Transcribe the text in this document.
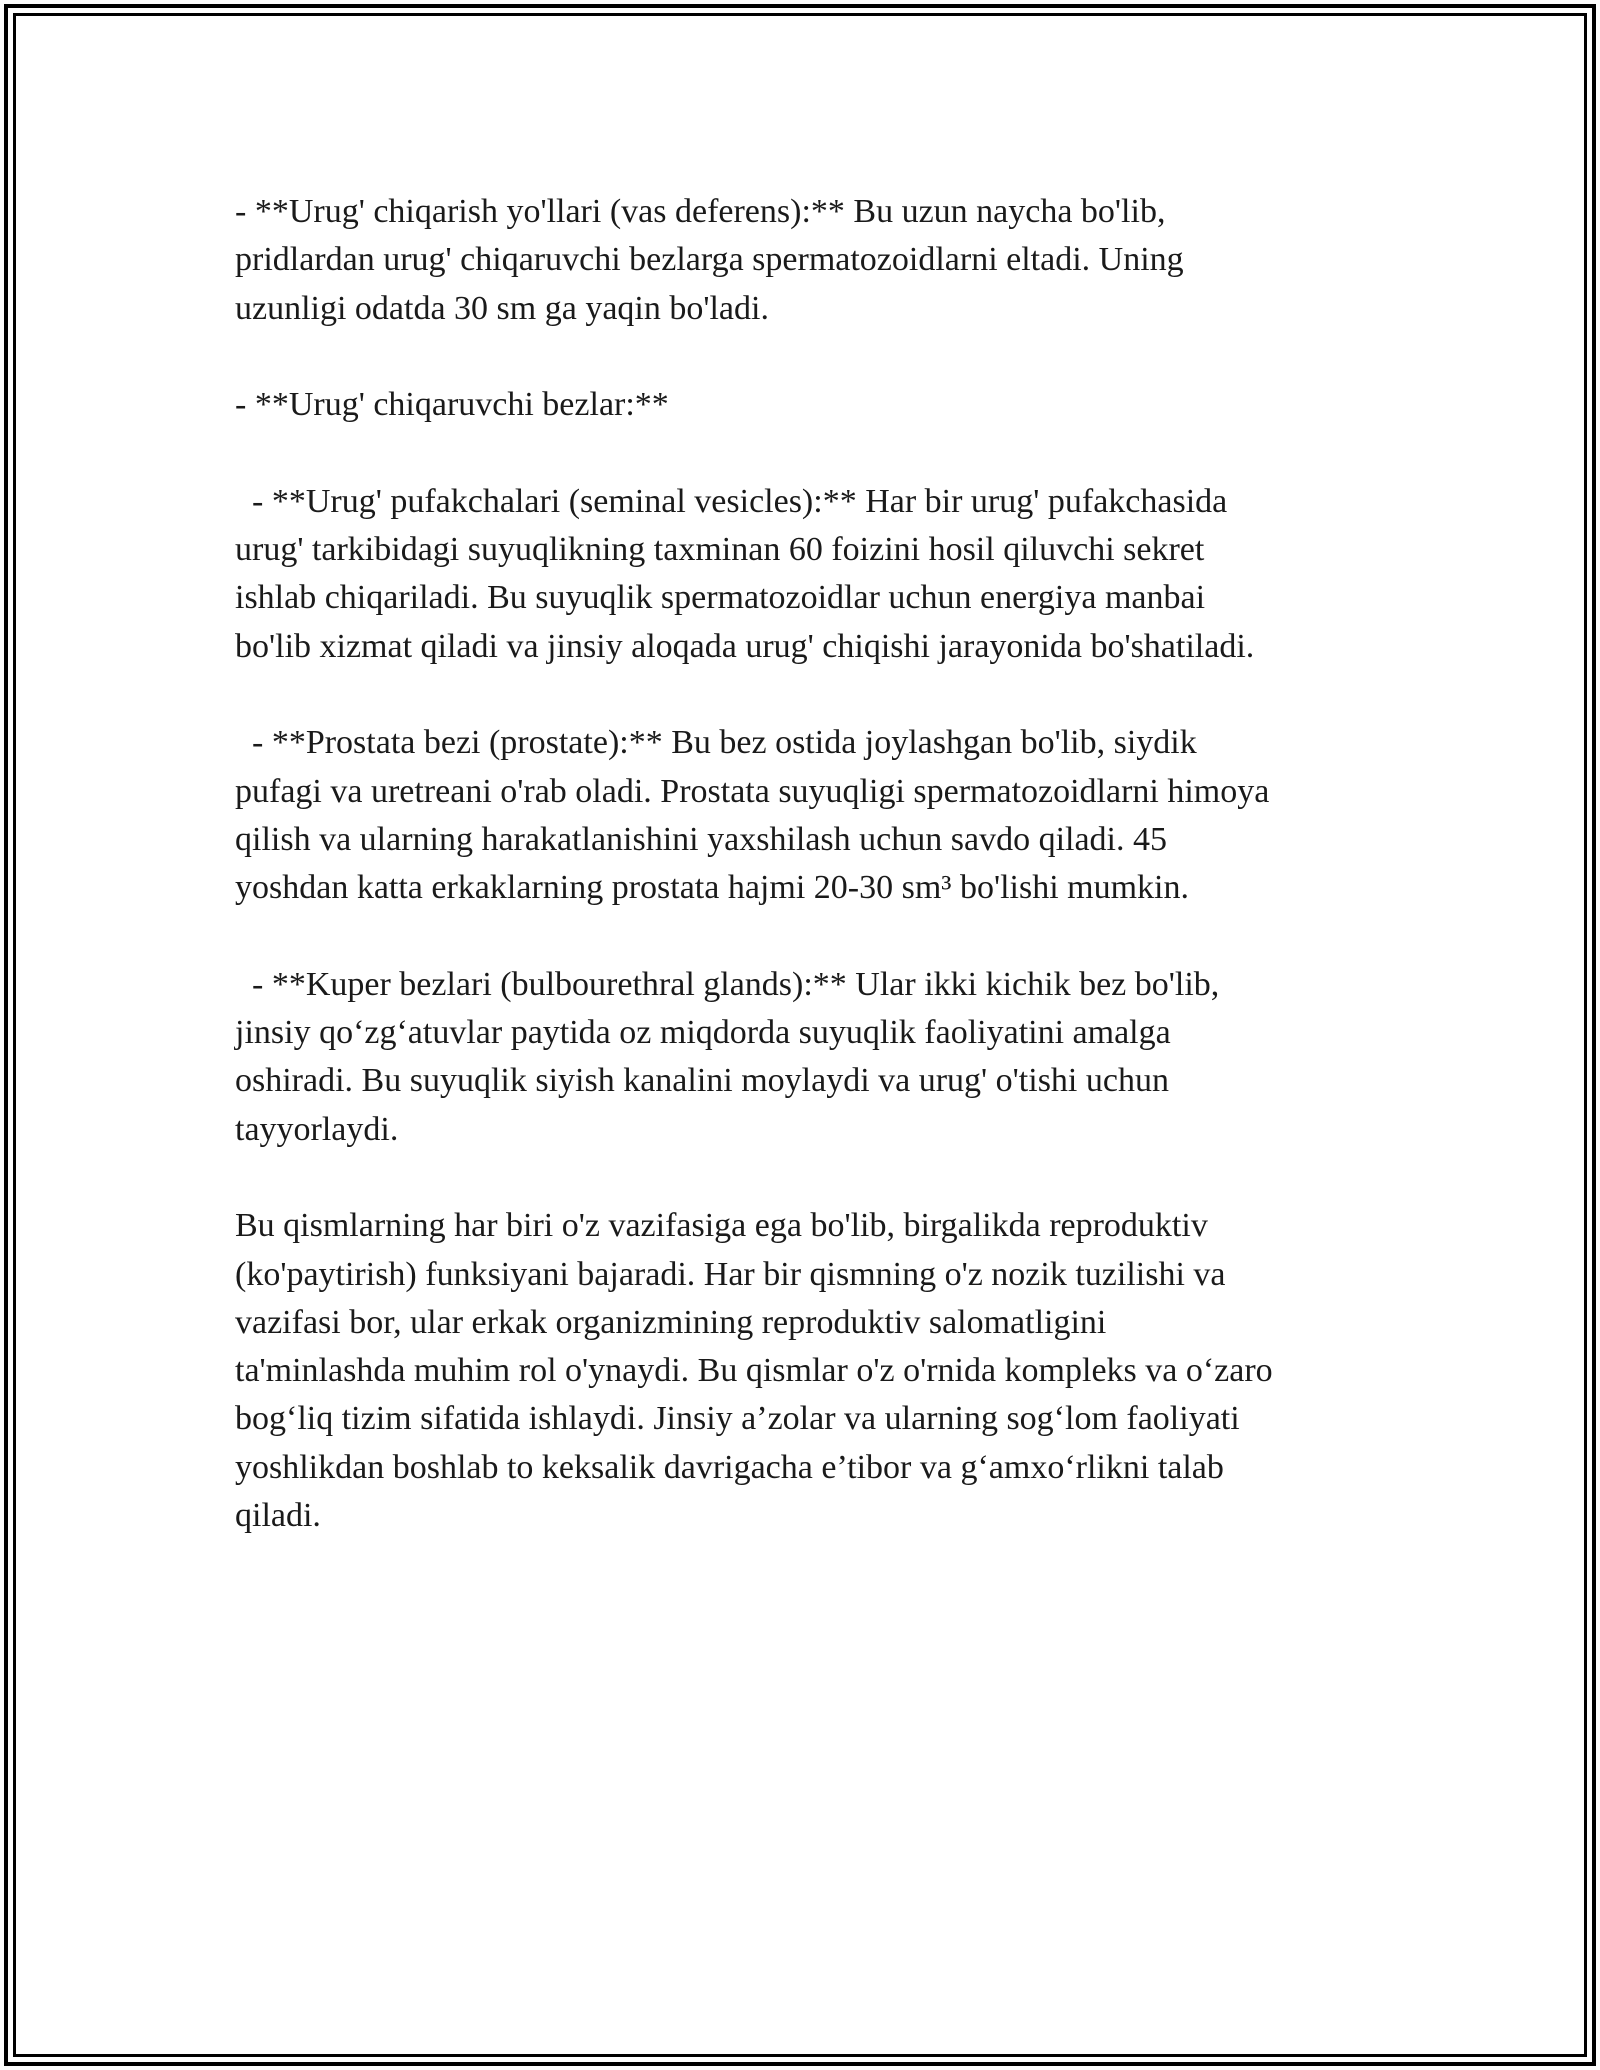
- **Urug' chiqarish yo'llari (vas deferens):** Bu uzun naycha bo'lib,
pridlardan urug' chiqaruvchi bezlarga spermatozoidlarni eltadi. Uning
uzunligi odatda 30 sm ga yaqin bo'ladi.

- **Urug' chiqaruvchi bezlar:**

- **Urug' pufakchalari (seminal vesicles):** Har bir urug' pufakchasida
urug' tarkibidagi suyuqlikning taxminan 60 foizini hosil qiluvchi sekret
ishlab chiqariladi. Bu suyuqlik spermatozoidlar uchun energiya manbai
bo'lib xizmat qiladi va jinsiy aloqada urug' chiqishi jarayonida bo'shatiladi.

- **Prostata bezi (prostate):** Bu bez ostida joylashgan bo'lib, siydik
pufagi va uretreani o'rab oladi. Prostata suyuqligi spermatozoidlarni himoya
qilish va ularning harakatlanishini yaxshilash uchun savdo qiladi. 45
yoshdan katta erkaklarning prostata hajmi 20-30 sm³ bo'lishi mumkin.

- **Kuper bezlari (bulbourethral glands):** Ular ikki kichik bez bo'lib,
jinsiy qo‘zg‘atuvlar paytida oz miqdorda suyuqlik faoliyatini amalga
oshiradi. Bu suyuqlik siyish kanalini moylaydi va urug' o'tishi uchun
tayyorlaydi.

Bu qismlarning har biri o'z vazifasiga ega bo'lib, birgalikda reproduktiv
(ko'paytirish) funksiyani bajaradi. Har bir qismning o'z nozik tuzilishi va
vazifasi bor, ular erkak organizmining reproduktiv salomatligini
ta'minlashda muhim rol o'ynaydi. Bu qismlar o'z o'rnida kompleks va o‘zaro
bog‘liq tizim sifatida ishlaydi. Jinsiy a’zolar va ularning sog‘lom faoliyati
yoshlikdan boshlab to keksalik davrigacha e’tibor va g‘amxo‘rlikni talab
qiladi.
